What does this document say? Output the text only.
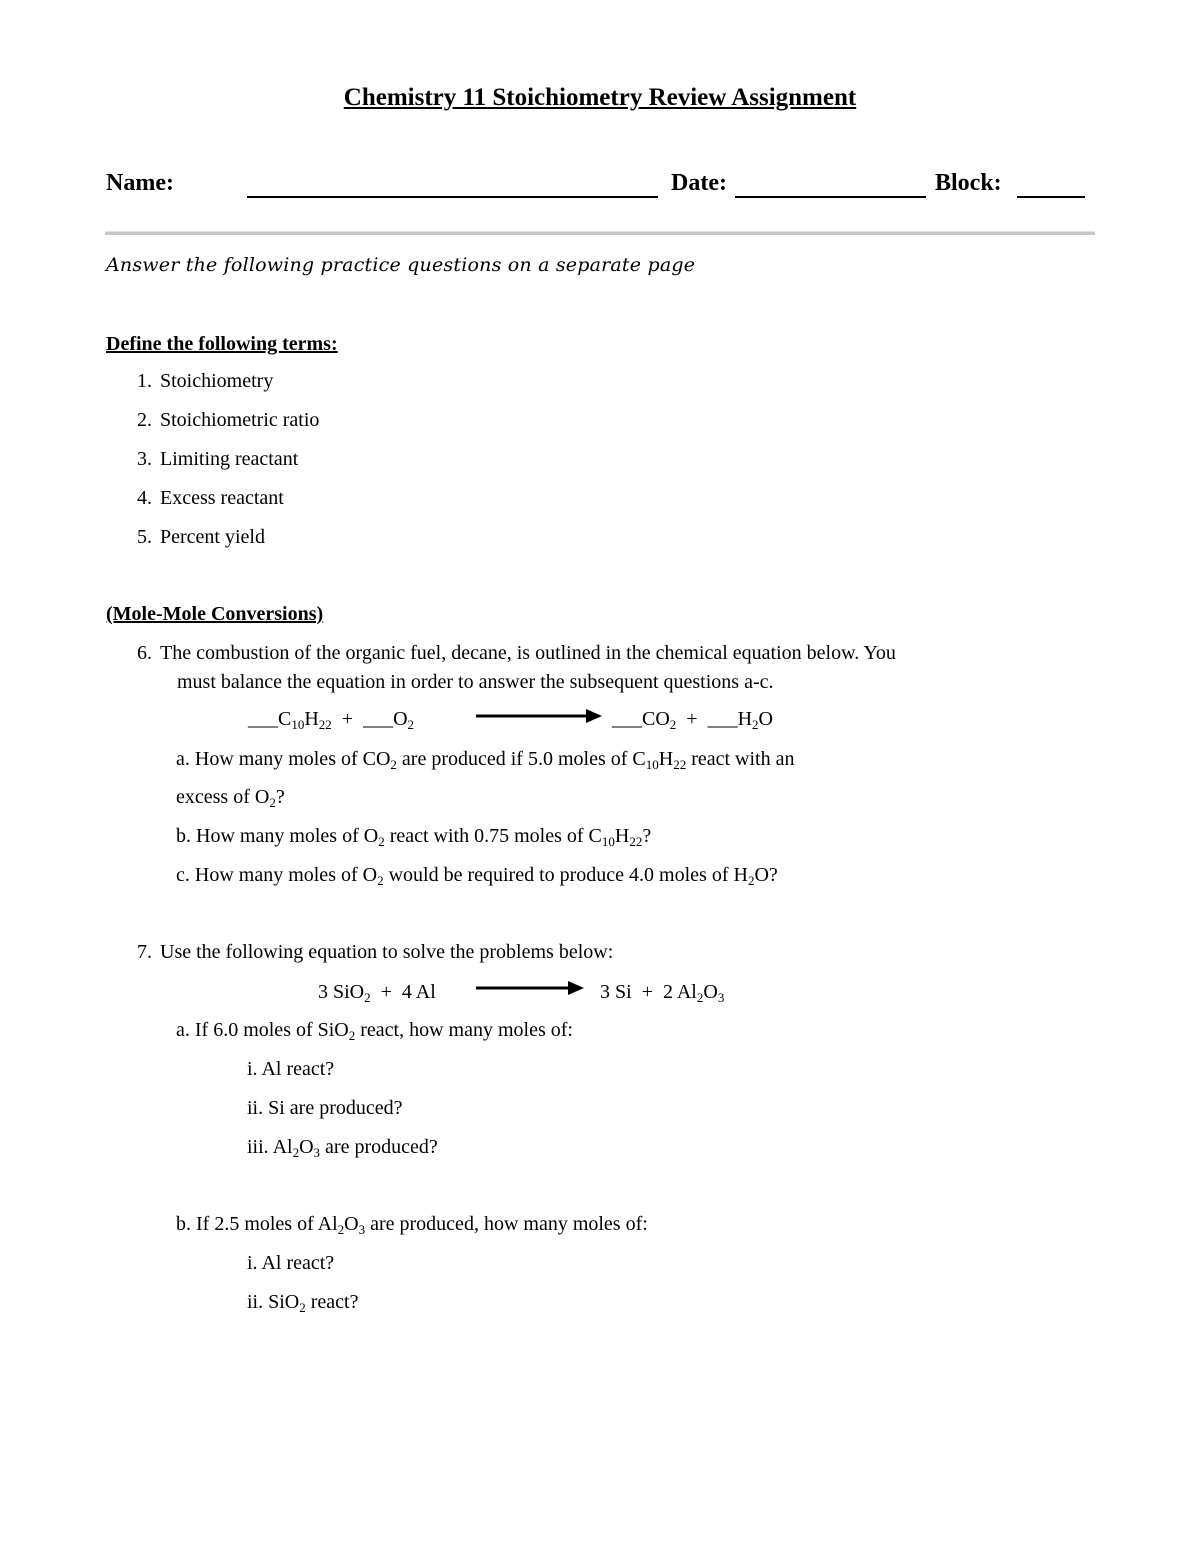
Chemistry 11 Stoichiometry Review Assignment
Name:	Date:	Block:
Answer the following practice questions on a separate page
Define the following terms:
1. Stoichiometry
2. Stoichiometric ratio
3. Limiting reactant
4. Excess reactant
5. Percent yield
(Mole-Mole Conversions)
6. The combustion of the organic fuel, decane, is outlined in the chemical equation below. You
must balance the equation in order to answer the subsequent questions a-c.
$\_\_\_C_{10}H_{22}$ + $\_\_\_O_2$	$\_\_\_CO_2$ + $\_\_\_H_2O$
a. How many moles of $CO_2$ are produced if 5.0 moles of $C_{10}H_{22}$ react with an
excess of $O_2$?
b. How many moles of $O_2$ react with 0.75 moles of $C_{10}H_{22}$?
c. How many moles of $O_2$ would be required to produce 4.0 moles of $H_2O$?
7. Use the following equation to solve the problems below:
3 SiO$_2$ + 4 Al	3 Si + 2 $Al_2O_3$
a. If 6.0 moles of SiO$_2$ react, how many moles of:
i. Al react?
ii. Si are produced?
iii. $Al_2O_3$ are produced?
b. If 2.5 moles of $Al_2O_3$ are produced, how many moles of:
i. Al react?
ii. SiO$_2$ react?
